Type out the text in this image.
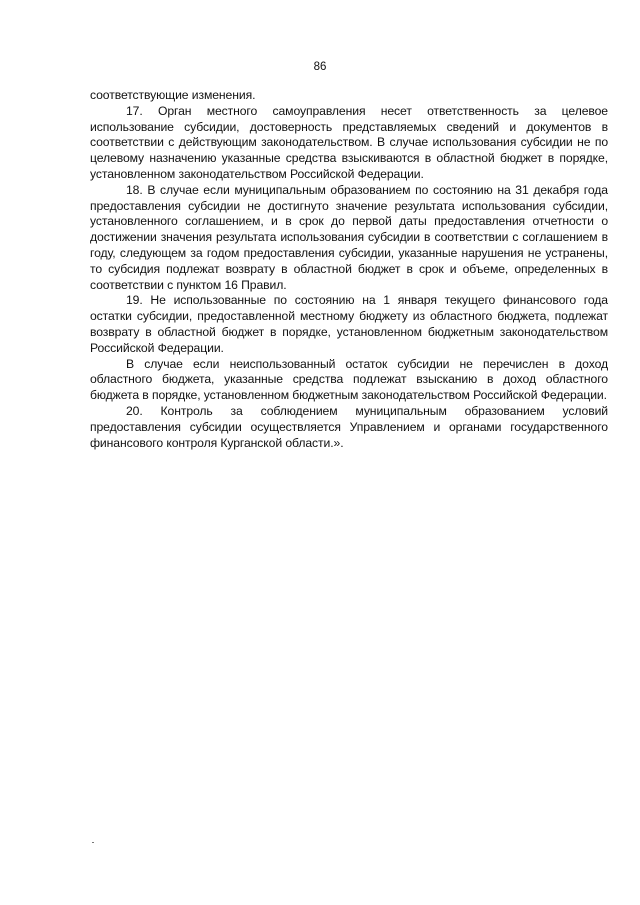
86

соответствующие изменения.

17. Орган местного самоуправления несет ответственность за целевое использование субсидии, достоверность представляемых сведений и документов в соответствии с действующим законодательством. В случае использования субсидии не по целевому назначению указанные средства взыскиваются в областной бюджет в порядке, установленном законодательством Российской Федерации.

18. В случае если муниципальным образованием по состоянию на 31 декабря года предоставления субсидии не достигнуто значение результата использования субсидии, установленного соглашением, и в срок до первой даты предоставления отчетности о достижении значения результата использования субсидии в соответствии с соглашением в году, следующем за годом предоставления субсидии, указанные нарушения не устранены, то субсидия подлежат возврату в областной бюджет в срок и объеме, определенных в соответствии с пунктом 16 Правил.

19. Не использованные по состоянию на 1 января текущего финансового года остатки субсидии, предоставленной местному бюджету из областного бюджета, подлежат возврату в областной бюджет в порядке, установленном бюджетным законодательством Российской Федерации.

В случае если неиспользованный остаток субсидии не перечислен в доход областного бюджета, указанные средства подлежат взысканию в доход областного бюджета в порядке, установленном бюджетным законодательством Российской Федерации.

20. Контроль за соблюдением муниципальным образованием условий предоставления субсидии осуществляется Управлением и органами государственного финансового контроля Курганской области.».
